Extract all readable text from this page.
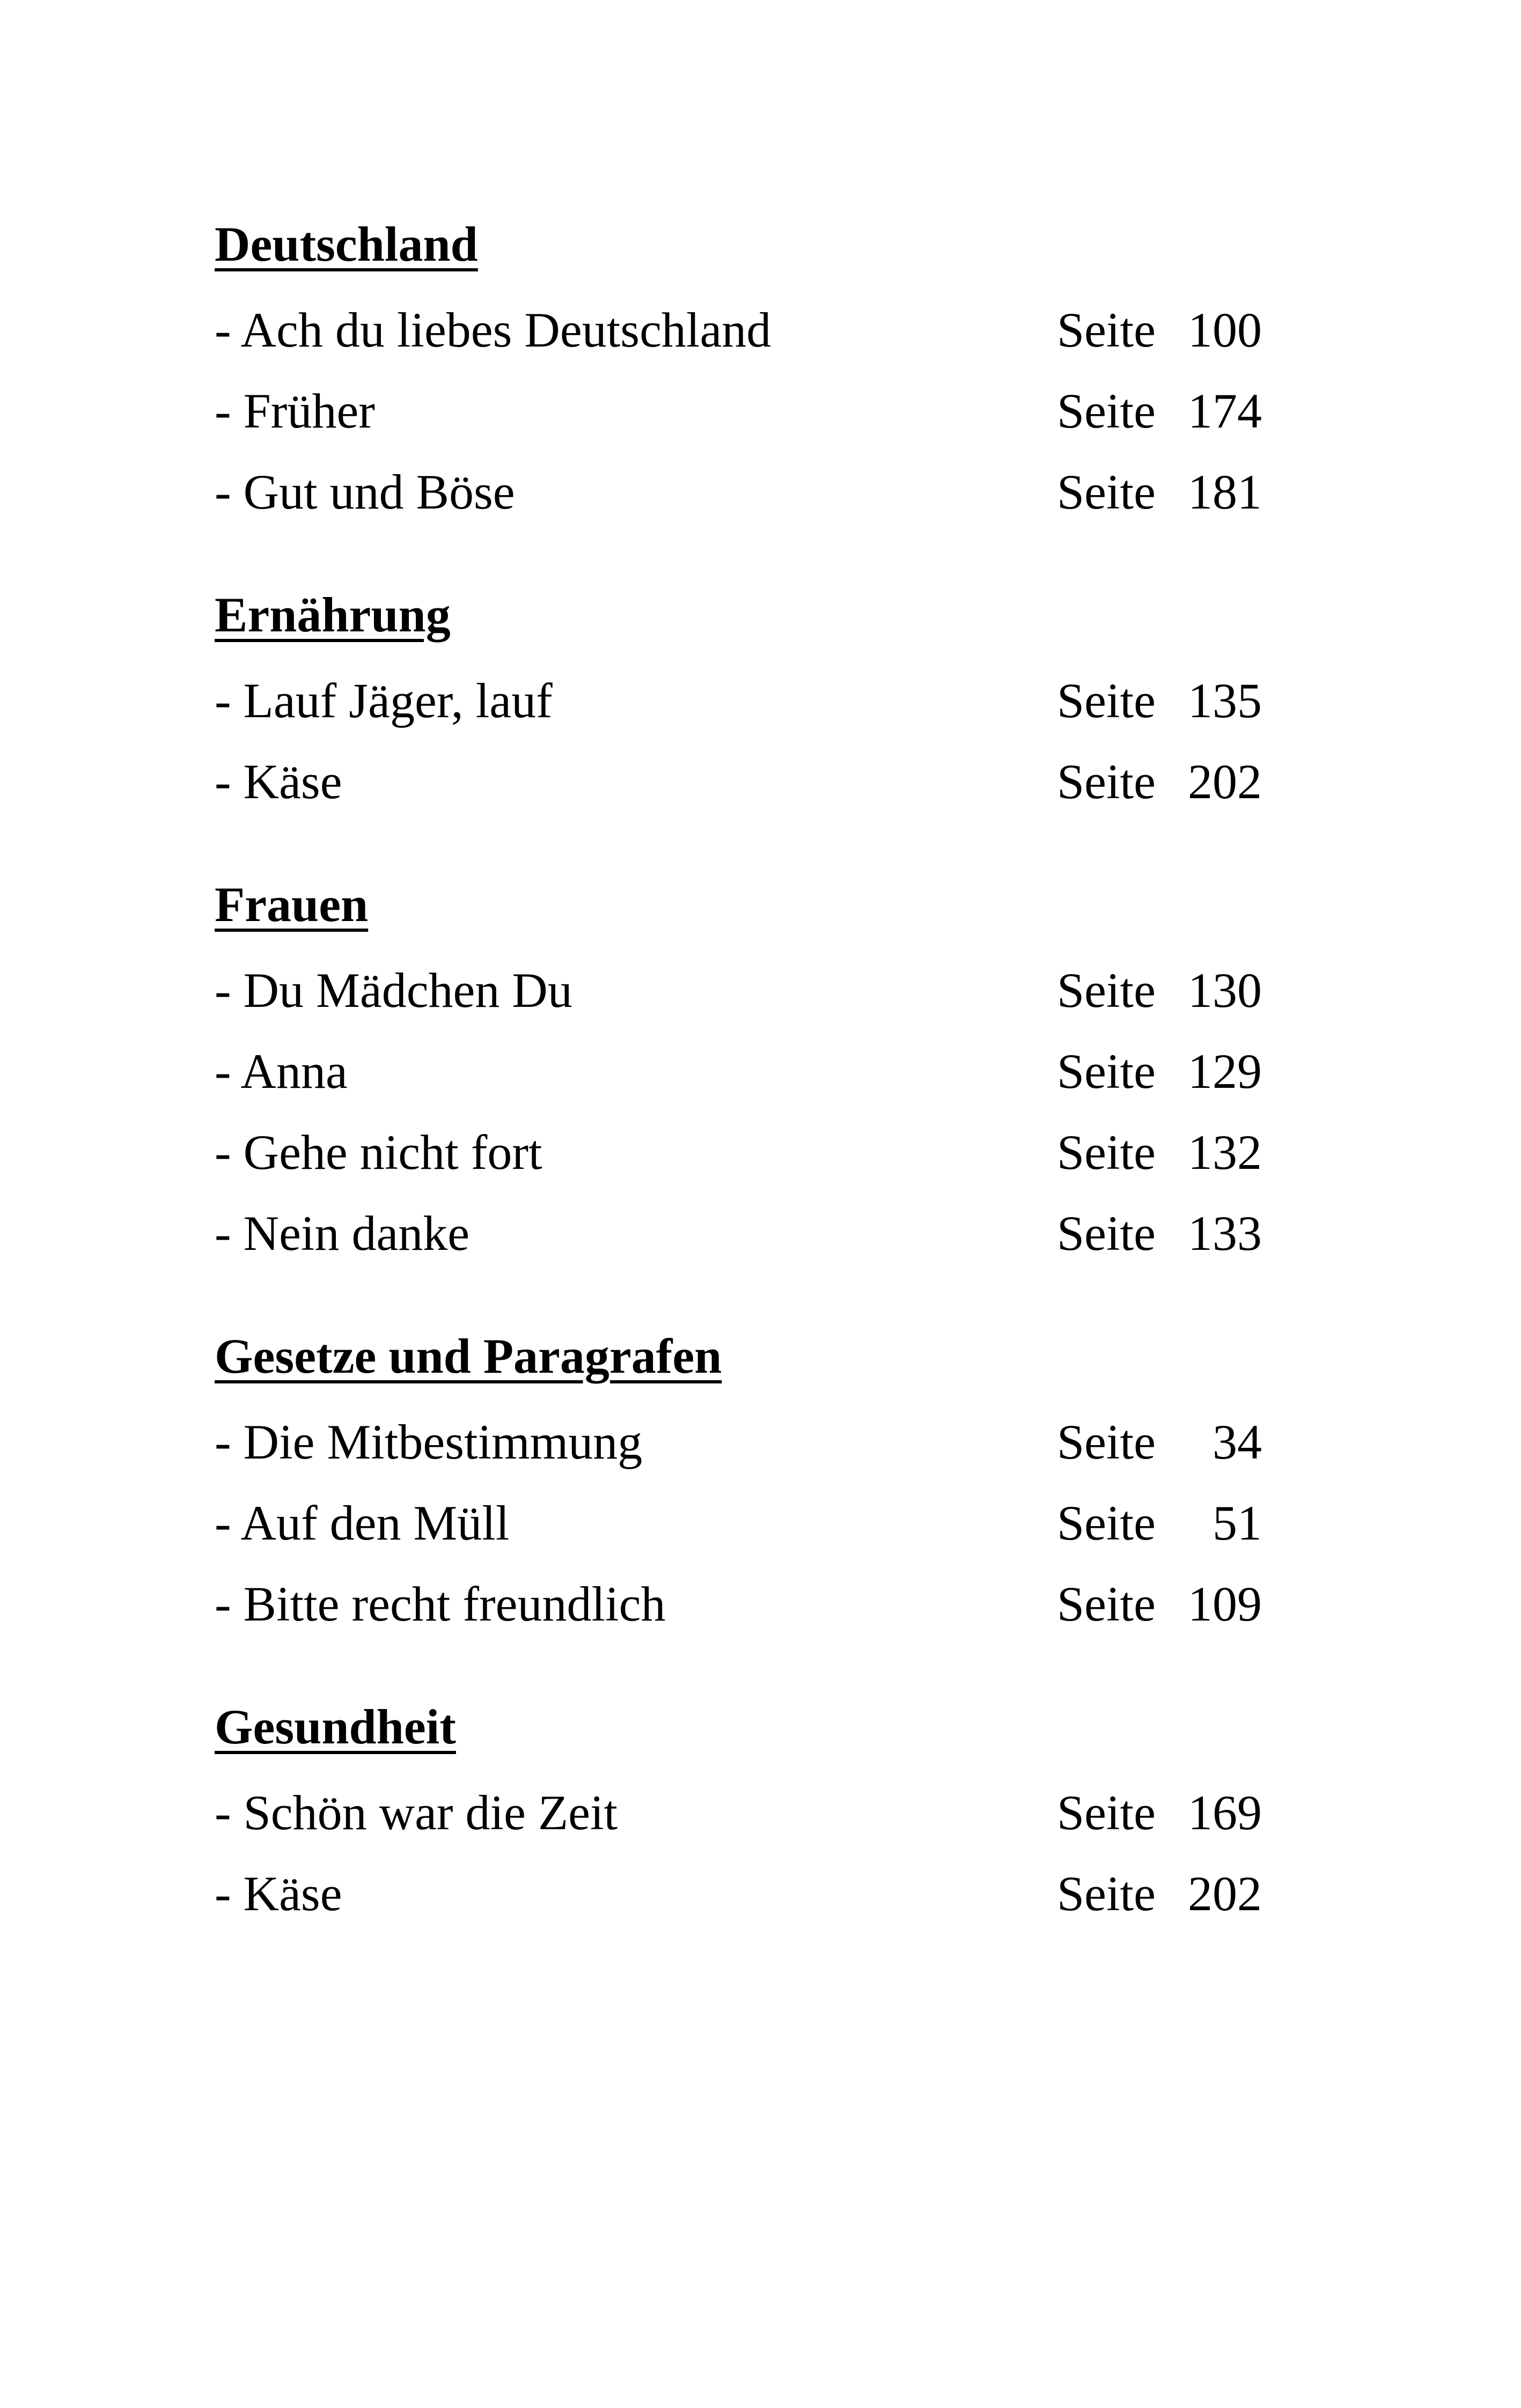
Deutschland
- Ach du liebes Deutschland	Seite 100
- Früher	Seite 174
- Gut und Böse	Seite 181
Ernährung
- Lauf Jäger, lauf	Seite 135
- Käse	Seite 202
Frauen
- Du Mädchen Du	Seite 130
- Anna	Seite 129
- Gehe nicht fort	Seite 132
- Nein danke	Seite 133
Gesetze und Paragrafen
- Die Mitbestimmung	Seite 34
- Auf den Müll	Seite 51
- Bitte recht freundlich	Seite 109
Gesundheit
- Schön war die Zeit	Seite 169
- Käse	Seite 202
